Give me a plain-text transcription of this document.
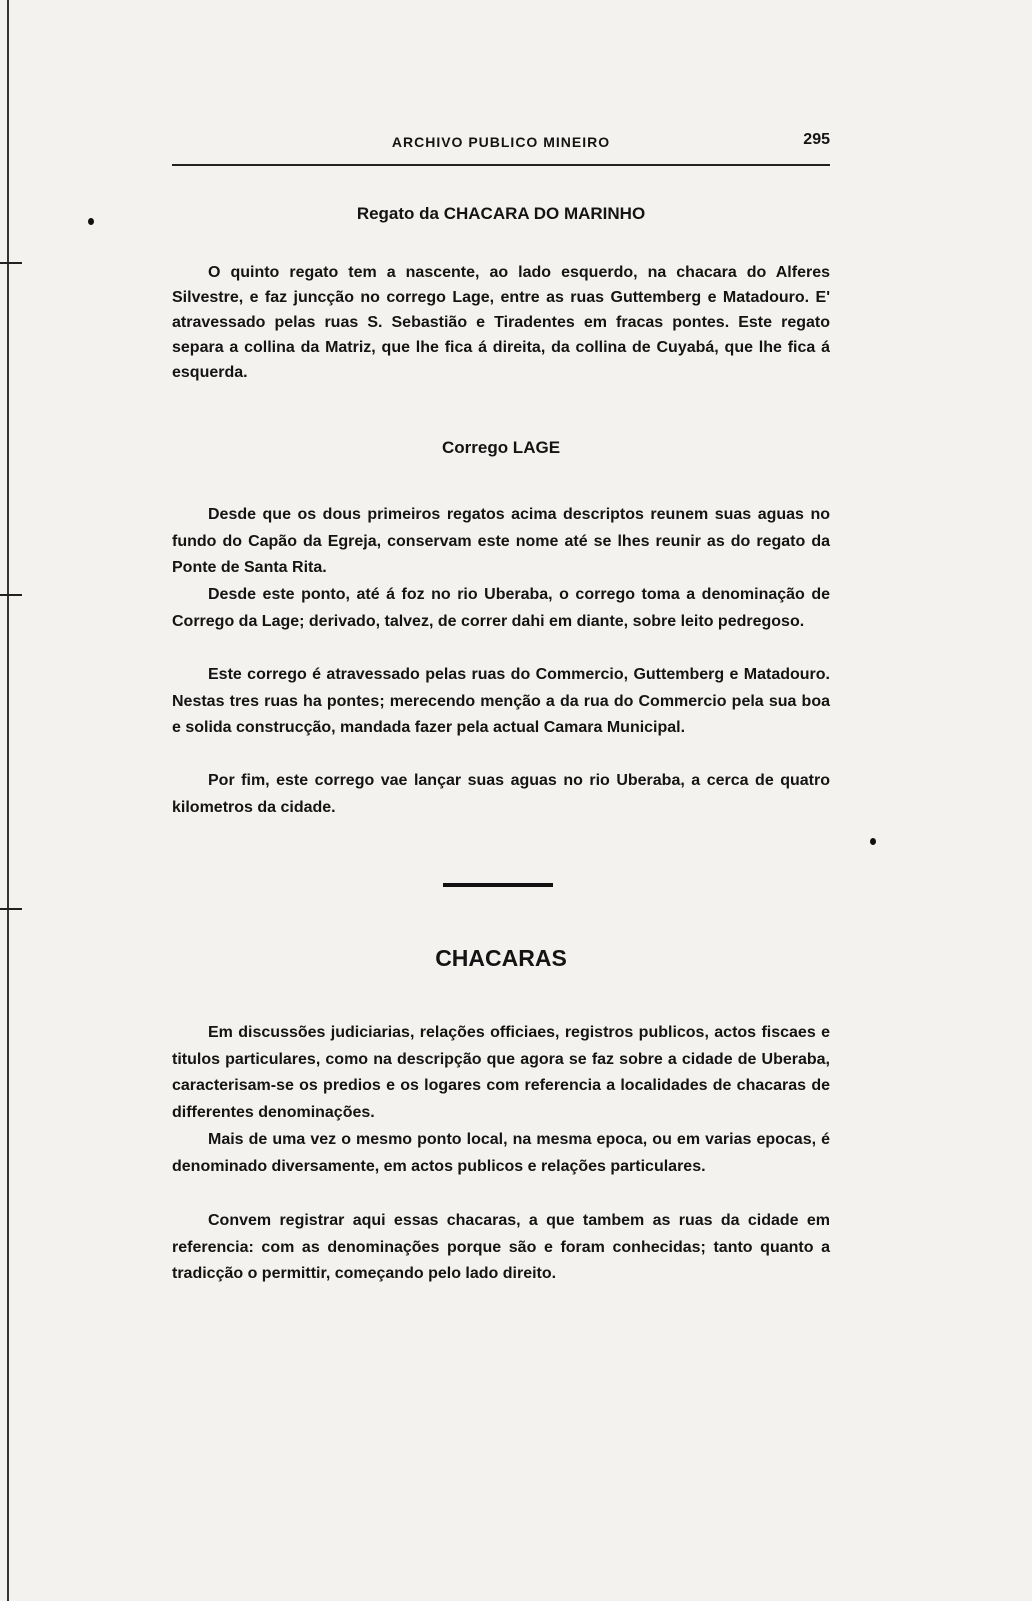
ARCHIVO PUBLICO MINEIRO	295
Regato da CHACARA DO MARINHO

O quinto regato tem a nascente, ao lado esquerdo, na chacara do Alferes Silvestre, e faz juncção no corrego Lage, entre as ruas Guttemberg e Matadouro. E' atravessado pelas ruas S. Sebastião e Tiradentes em fracas pontes. Este regato separa a collina da Matriz, que lhe fica á direita, da collina de Cuyabá, que lhe fica á esquerda.

Corrego LAGE

Desde que os dous primeiros regatos acima descriptos reunem suas aguas no fundo do Capão da Egreja, conservam este nome até se lhes reunir as do regato da Ponte de Santa Rita.

Desde este ponto, até á foz no rio Uberaba, o corrego toma a denominação de Corrego da Lage; derivado, talvez, de correr dahi em diante, sobre leito pedregoso.

Este corrego é atravessado pelas ruas do Commercio, Guttemberg e Matadouro. Nestas tres ruas ha pontes; merecendo menção a da rua do Commercio pela sua boa e solida construcção, mandada fazer pela actual Camara Municipal.

Por fim, este corrego vae lançar suas aguas no rio Uberaba, a cerca de quatro kilometros da cidade.

CHACARAS

Em discussões judiciarias, relações officiaes, registros publicos, actos fiscaes e titulos particulares, como na descripção que agora se faz sobre a cidade de Uberaba, caracterisam-se os predios e os logares com referencia a localidades de chacaras de differentes denominações.

Mais de uma vez o mesmo ponto local, na mesma epoca, ou em varias epocas, é denominado diversamente, em actos publicos e relações particulares.

Convem registrar aqui essas chacaras, a que tambem as ruas da cidade em referencia: com as denominações porque são e foram conhecidas; tanto quanto a tradicção o permittir, começando pelo lado direito.
